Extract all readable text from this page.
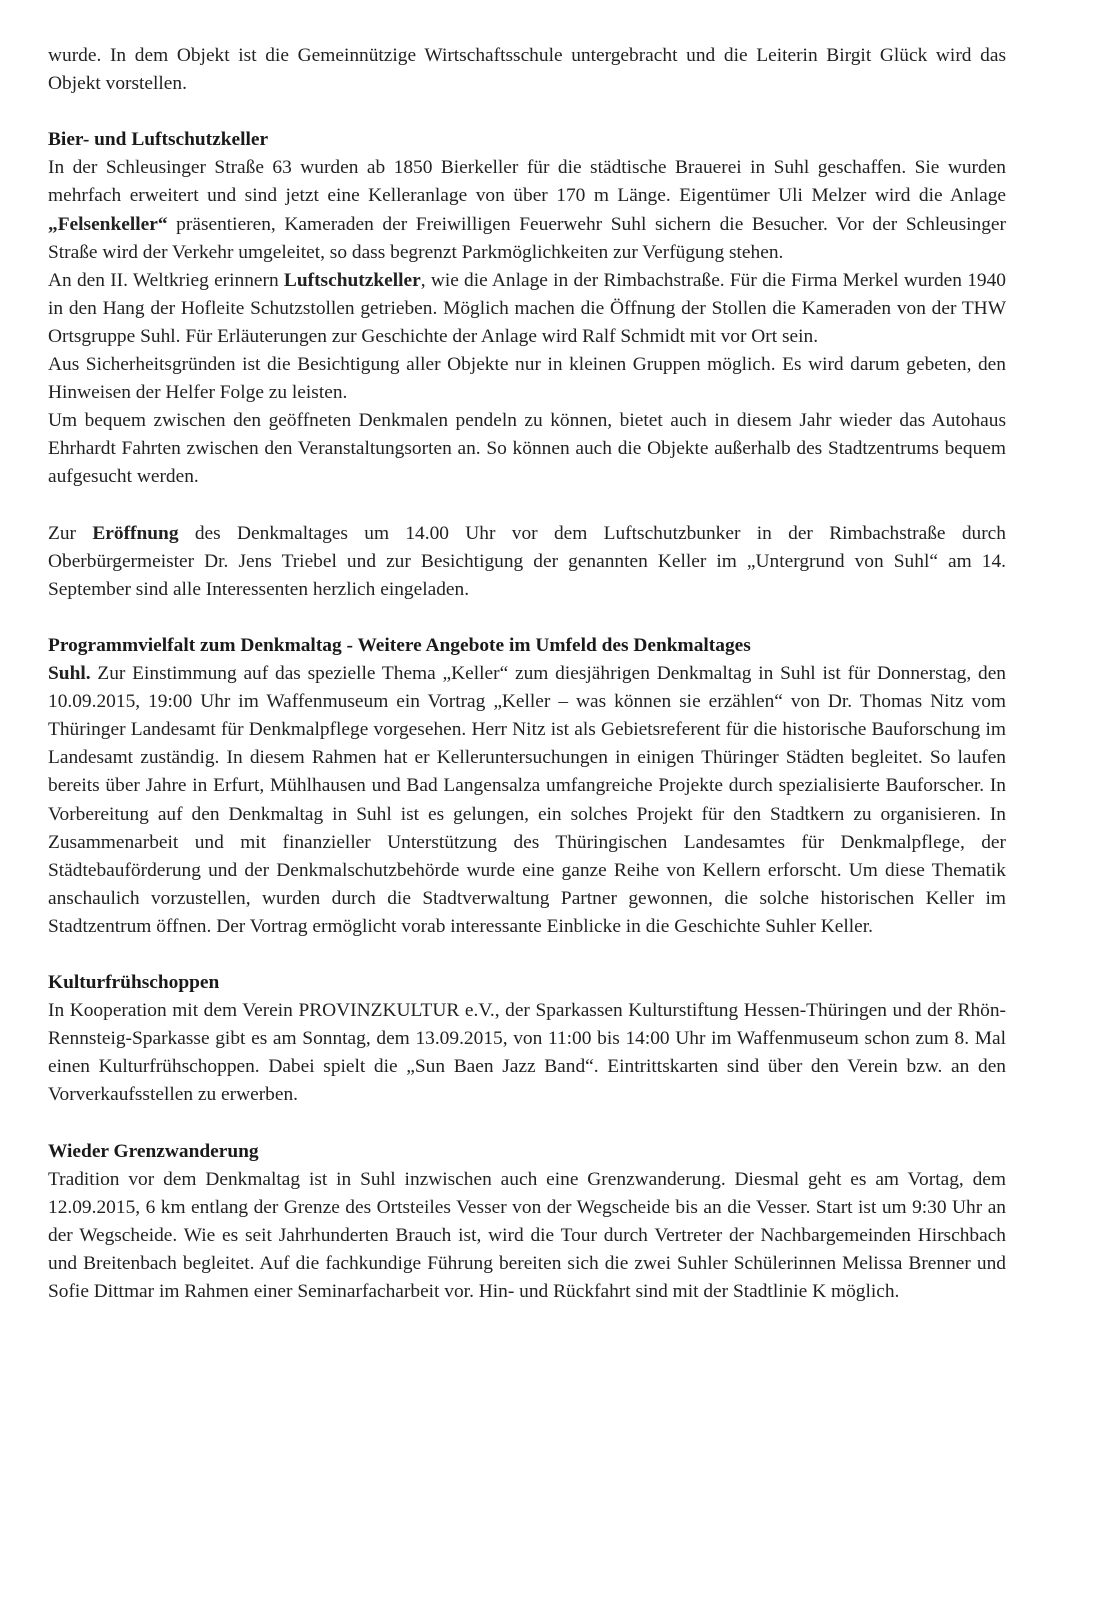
wurde. In dem Objekt ist die Gemeinnützige Wirtschaftsschule untergebracht und die Leiterin Birgit Glück wird das Objekt vorstellen.

Bier- und Luftschutzkeller

In der Schleusinger Straße 63 wurden ab 1850 Bierkeller für die städtische Brauerei in Suhl geschaffen. Sie wurden mehrfach erweitert und sind jetzt eine Kelleranlage von über 170 m Länge. Eigentümer Uli Melzer wird die Anlage „Felsenkeller“ präsentieren, Kameraden der Freiwilligen Feuerwehr Suhl sichern die Besucher. Vor der Schleusinger Straße wird der Verkehr umgeleitet, so dass begrenzt Parkmöglichkeiten zur Verfügung stehen.

An den II. Weltkrieg erinnern Luftschutzkeller, wie die Anlage in der Rimbachstraße. Für die Firma Merkel wurden 1940 in den Hang der Hofleite Schutzstollen getrieben. Möglich machen die Öffnung der Stollen die Kameraden von der THW Ortsgruppe Suhl. Für Erläuterungen zur Geschichte der Anlage wird Ralf Schmidt mit vor Ort sein.

Aus Sicherheitsgründen ist die Besichtigung aller Objekte nur in kleinen Gruppen möglich. Es wird darum gebeten, den Hinweisen der Helfer Folge zu leisten.

Um bequem zwischen den geöffneten Denkmalen pendeln zu können, bietet auch in diesem Jahr wieder das Autohaus Ehrhardt Fahrten zwischen den Veranstaltungsorten an. So können auch die Objekte außerhalb des Stadtzentrums bequem aufgesucht werden.

Zur Eröffnung des Denkmaltages um 14.00 Uhr vor dem Luftschutzbunker in der Rimbachstraße durch Oberbürgermeister Dr. Jens Triebel und zur Besichtigung der genannten Keller im „Untergrund von Suhl“ am 14. September sind alle Interessenten herzlich eingeladen.

Programmvielfalt zum Denkmaltag - Weitere Angebote im Umfeld des Denkmaltages

Suhl. Zur Einstimmung auf das spezielle Thema „Keller“ zum diesjährigen Denkmaltag in Suhl ist für Donnerstag, den 10.09.2015, 19:00 Uhr im Waffenmuseum ein Vortrag „Keller – was können sie erzählen“ von Dr. Thomas Nitz vom Thüringer Landesamt für Denkmalpflege vorgesehen. Herr Nitz ist als Gebietsreferent für die historische Bauforschung im Landesamt zuständig. In diesem Rahmen hat er Kelleruntersuchungen in einigen Thüringer Städten begleitet. So laufen bereits über Jahre in Erfurt, Mühlhausen und Bad Langensalza umfangreiche Projekte durch spezialisierte Bauforscher. In Vorbereitung auf den Denkmaltag in Suhl ist es gelungen, ein solches Projekt für den Stadtkern zu organisieren. In Zusammenarbeit und mit finanzieller Unterstützung des Thüringischen Landesamtes für Denkmalpflege, der Städtebauförderung und der Denkmalschutzbehörde wurde eine ganze Reihe von Kellern erforscht. Um diese Thematik anschaulich vorzustellen, wurden durch die Stadtverwaltung Partner gewonnen, die solche historischen Keller im Stadtzentrum öffnen. Der Vortrag ermöglicht vorab interessante Einblicke in die Geschichte Suhler Keller.

Kulturfrühschoppen

In Kooperation mit dem Verein PROVINZKULTUR e.V., der Sparkassen Kulturstiftung Hessen-Thüringen und der Rhön-Rennsteig-Sparkasse gibt es am Sonntag, dem 13.09.2015, von 11:00 bis 14:00 Uhr im Waffenmuseum schon zum 8. Mal einen Kulturfrühschoppen. Dabei spielt die „Sun Baen Jazz Band“. Eintrittskarten sind über den Verein bzw. an den Vorverkaufsstellen zu erwerben.

Wieder Grenzwanderung

Tradition vor dem Denkmaltag ist in Suhl inzwischen auch eine Grenzwanderung. Diesmal geht es am Vortag, dem 12.09.2015, 6 km entlang der Grenze des Ortsteiles Vesser von der Wegscheide bis an die Vesser. Start ist um 9:30 Uhr an der Wegscheide. Wie es seit Jahrhunderten Brauch ist, wird die Tour durch Vertreter der Nachbargemeinden Hirschbach und Breitenbach begleitet. Auf die fachkundige Führung bereiten sich die zwei Suhler Schülerinnen Melissa Brenner und Sofie Dittmar im Rahmen einer Seminarfacharbeit vor. Hin- und Rückfahrt sind mit der Stadtlinie K möglich.
